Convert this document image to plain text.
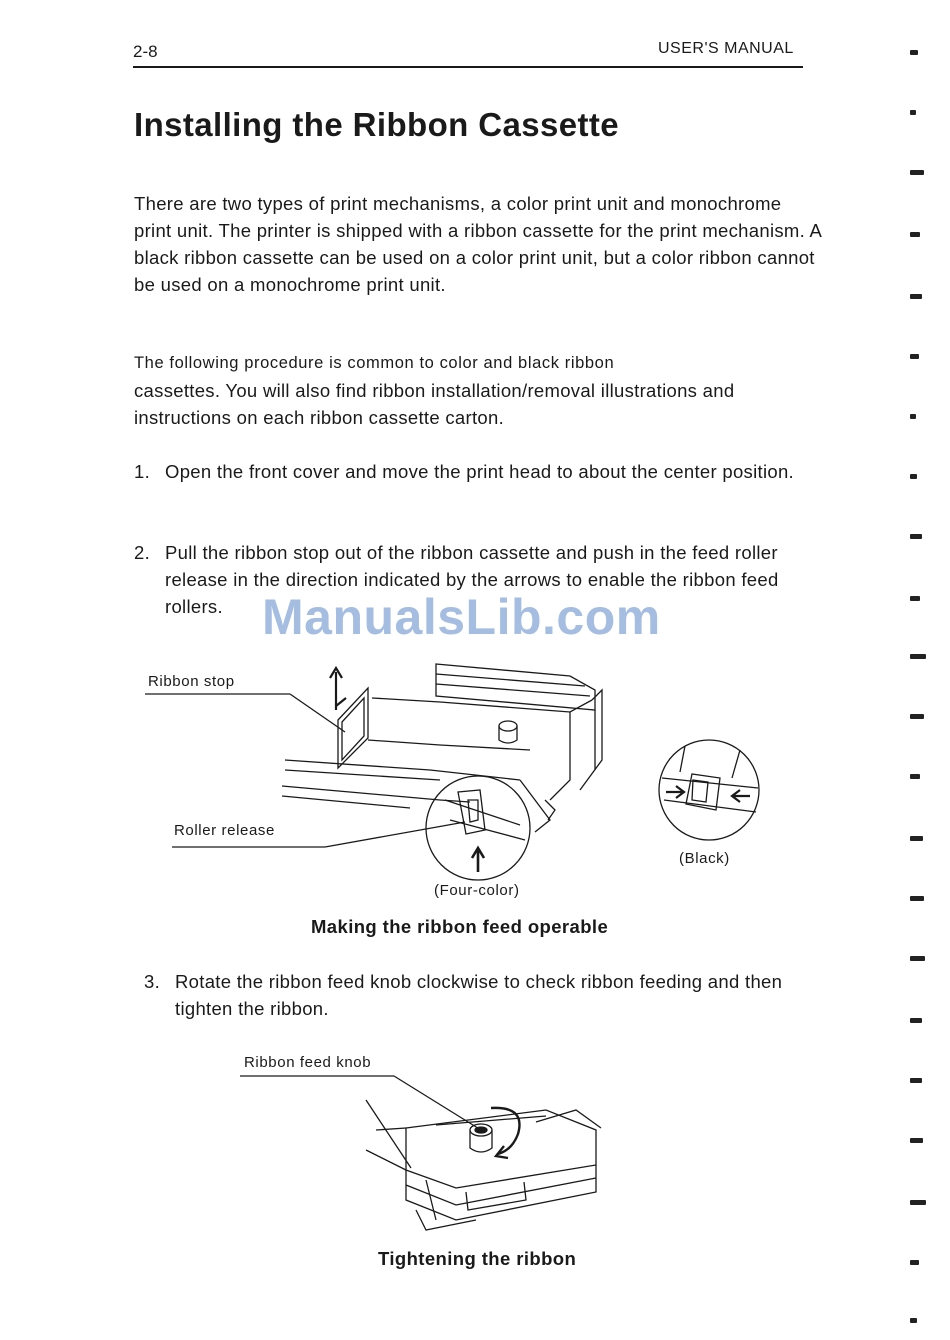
2-8	USER'S MANUAL
Installing the Ribbon Cassette
There are two types of print mechanisms, a color print unit and monochrome print unit. The printer is shipped with a ribbon cassette for the print mechanism. A black ribbon cassette can be used on a color print unit, but a color ribbon cannot be used on a monochrome print unit.
The following procedure is common to color and black ribbon
cassettes. You will also find ribbon installation/removal illustrations and instructions on each ribbon cassette carton.
1. Open the front cover and move the print head to about the center position.
2. Pull the ribbon stop out of the ribbon cassette and push in the feed roller release in the direction indicated by the arrows to enable the ribbon feed rollers. ManualsLib.com
Ribbon stop
Roller release
(Four-color)
(Black)
Making the ribbon feed operable
3. Rotate the ribbon feed knob clockwise to check ribbon feeding and then tighten the ribbon.
Ribbon feed knob
Tightening the ribbon
